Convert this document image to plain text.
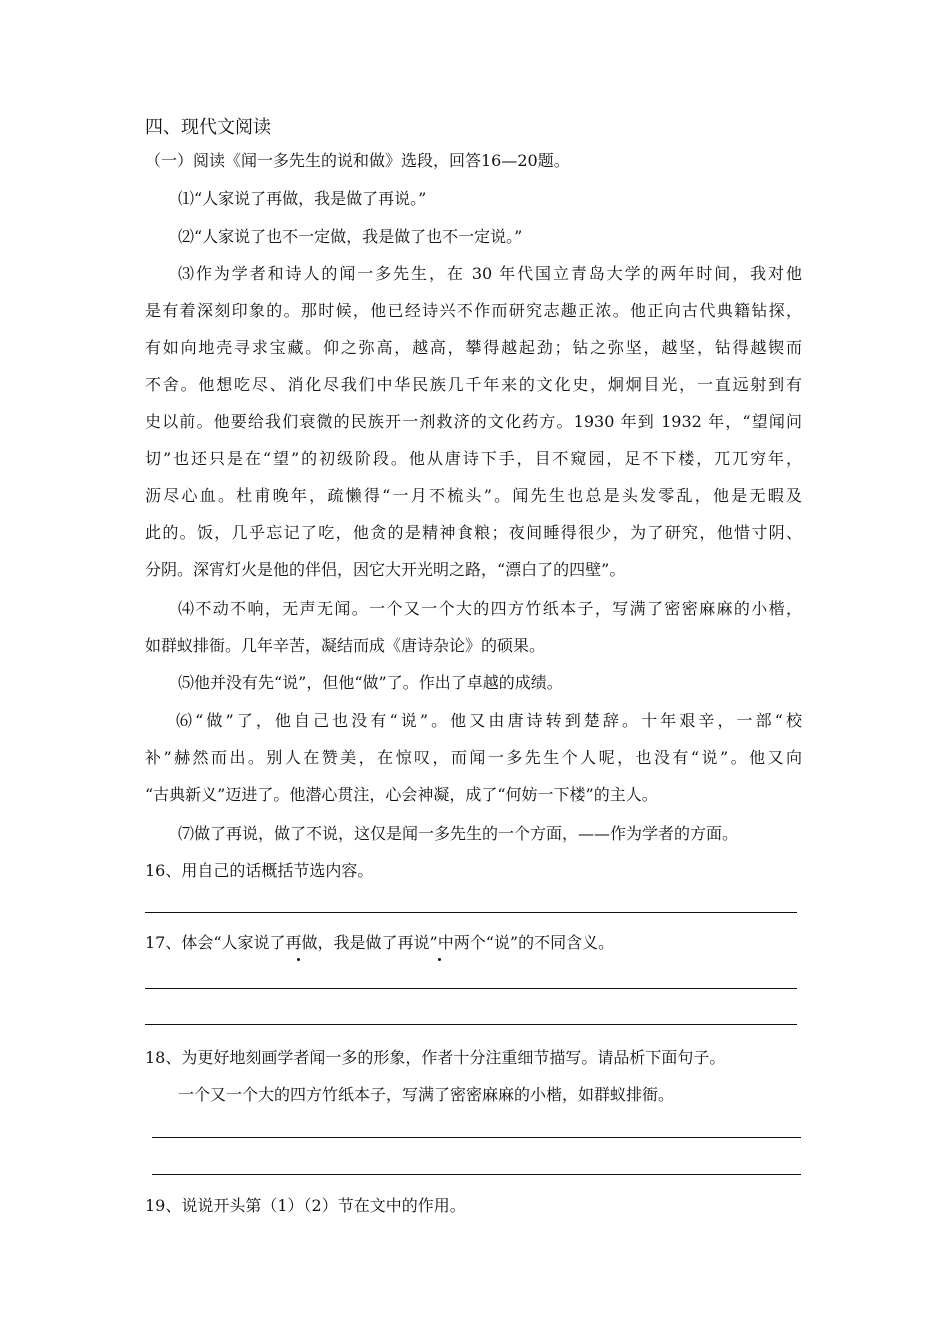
四、现代文阅读
（一）阅读《闻一多先生的说和做》选段，回答16—20题。
⑴“人家说了再做，我是做了再说。”
⑵“人家说了也不一定做，我是做了也不一定说。”
⑶作为学者和诗人的闻一多先生，在 30 年代国立青岛大学的两年时间，我对他
是有着深刻印象的。那时候，他已经诗兴不作而研究志趣正浓。他正向古代典籍钻探，
有如向地壳寻求宝藏。仰之弥高，越高，攀得越起劲；钻之弥坚，越坚，钻得越锲而
不舍。他想吃尽、消化尽我们中华民族几千年来的文化史，炯炯目光，一直远射到有
史以前。他要给我们衰微的民族开一剂救济的文化药方。1930 年到 1932 年，“望闻问
切”也还只是在“望”的初级阶段。他从唐诗下手，目不窥园，足不下楼，兀兀穷年，
沥尽心血。杜甫晚年，疏懒得“一月不梳头”。闻先生也总是头发零乱，他是无暇及
此的。饭，几乎忘记了吃，他贪的是精神食粮；夜间睡得很少，为了研究，他惜寸阴、
分阴。深宵灯火是他的伴侣，因它大开光明之路，“漂白了的四壁”。
⑷不动不响，无声无闻。一个又一个大的四方竹纸本子，写满了密密麻麻的小楷，
如群蚁排衙。几年辛苦，凝结而成《唐诗杂论》的硕果。
⑸他并没有先“说”，但他“做”了。作出了卓越的成绩。
⑹“做”了，他自己也没有“说”。他又由唐诗转到楚辞。十年艰辛，一部“校
补”赫然而出。别人在赞美，在惊叹，而闻一多先生个人呢，也没有“说”。他又向
“古典新义”迈进了。他潜心贯注，心会神凝，成了“何妨一下楼”的主人。
⑺做了再说，做了不说，这仅是闻一多先生的一个方面，——作为学者的方面。
16、用自己的话概括节选内容。
17、体会“人家说了再做，我是做了再说”中两个“说”的不同含义。
18、为更好地刻画学者闻一多的形象，作者十分注重细节描写。请品析下面句子。
一个又一个大的四方竹纸本子，写满了密密麻麻的小楷，如群蚁排衙。
19、说说开头第（1）（2）节在文中的作用。
